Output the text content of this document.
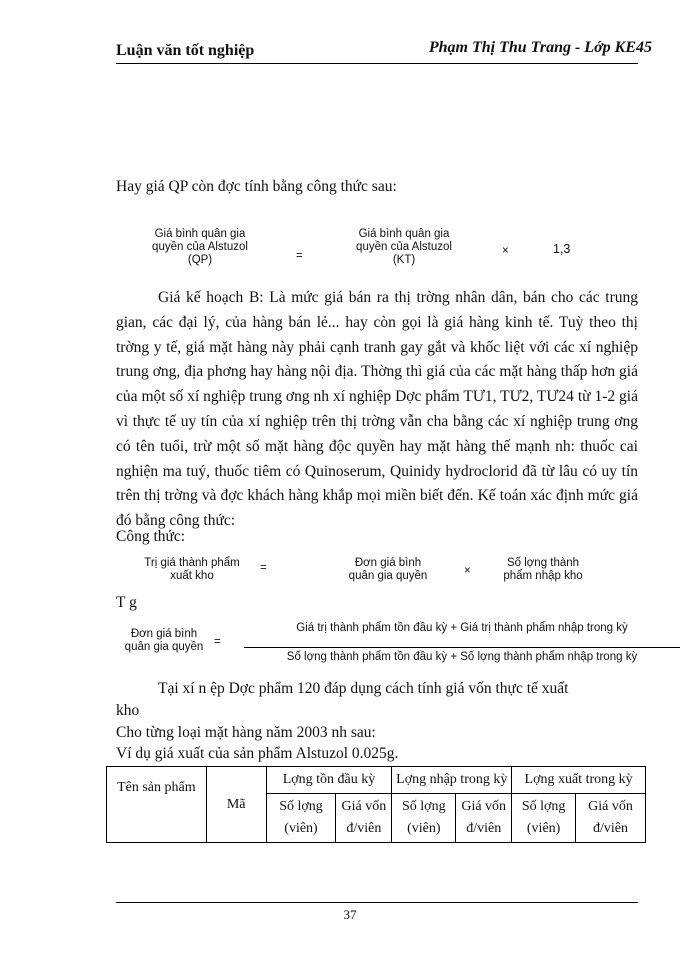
Luận văn tốt nghiệp	Phạm Thị Thu Trang - Lớp KE45
Hay giá QP còn đợc tính bằng công thức sau:
Giá bình quân gia
quyền của Alstuzol
(QP)	=
Giá bình quân gia
quyền của Alstuzol
(KT)
×	1,3

Giá kế hoạch B: Là mức giá bán ra thị trờng nhân dân, bán cho các trung gian, các đại lý, của hàng bán lẻ... hay còn gọi là giá hàng kinh tế. Tuỳ theo thị trờng y tế, giá mặt hàng này phải cạnh tranh gay gắt và khốc liệt với các xí nghiệp trung ơng, địa phơng hay hàng nội địa. Thờng thì giá của các mặt hàng thấp hơn giá của một số xí nghiệp trung ơng nh xí nghiệp Dợc phẩm TƯ1, TƯ2, TƯ24 từ 1-2 giá vì thực tế uy tín của xí nghiệp trên thị trờng vẫn cha bằng các xí nghiệp trung ơng có tên tuổi, trừ một số mặt hàng độc quyền hay mặt hàng thế mạnh nh: thuốc cai nghiện ma tuý, thuốc tiêm có Quinoserum, Quinidy hydroclorid đã từ lâu có uy tín trên thị trờng và đợc khách hàng khắp mọi miền biết đến. Kế toán xác định mức giá đó bằng công thức:

Công thức:
Trị giá thành phẩm
xuất kho
=	Đơn giá bình
quân gia quyền	×
Số lợng thành
phẩm nhập kho
T g
Đơn giá bình
quân gia quyền =
Giá trị thành phẩm tồn đầu kỳ + Giá trị thành phẩm nhập trong kỳ
Số lợng thành phẩm tồn đầu kỳ + Số lợng thành phẩm nhập trong kỳ
Tại xí n ệp Dợc phẩm 120 đáp dụng cách tính giá vốn thực tế xuất
kho
Cho từng loại mặt hàng năm 2003 nh sau:
Ví dụ giá xuất của sản phẩm Alstuzol 0.025g.
Tên sản phẩm	Mã	Lợng tồn đầu kỳ		Lợng nhập trong kỳ		Lợng xuất trong kỳ	
		Số lợng (viên)	Giá vốn đ/viên	Số lợng (viên)	Giá vốn đ/viên	Số lợng (viên)	Giá vốn đ/viên
37
